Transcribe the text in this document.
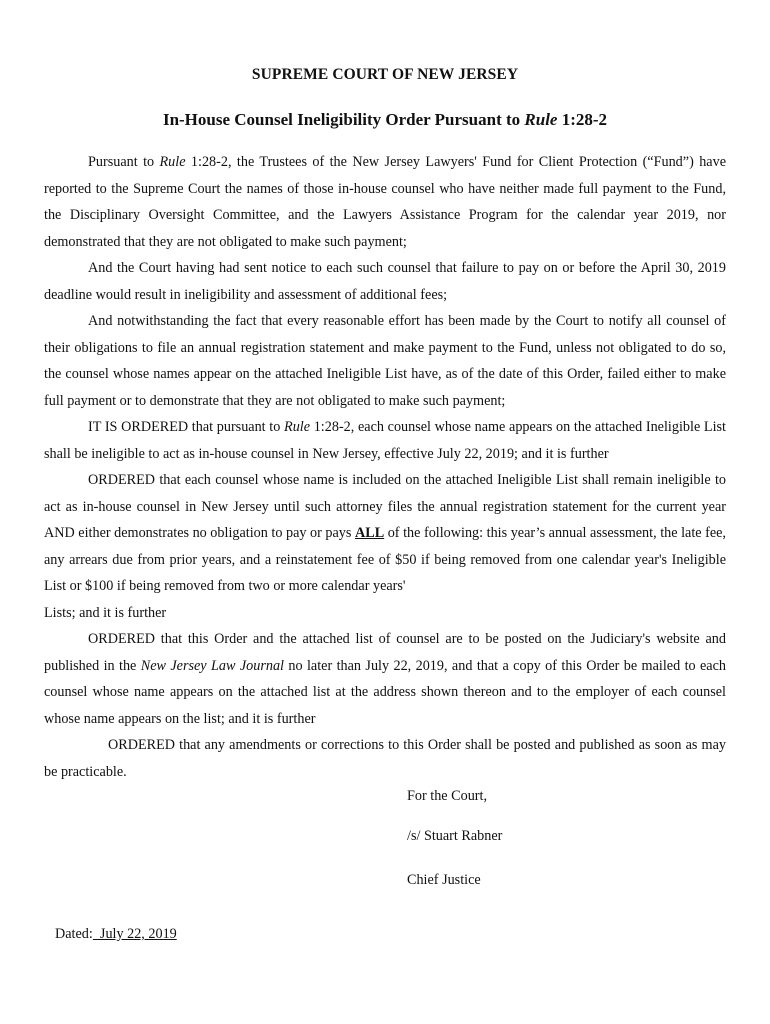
SUPREME COURT OF NEW JERSEY
In-House Counsel Ineligibility Order Pursuant to Rule 1:28-2

Pursuant to Rule 1:28-2, the Trustees of the New Jersey Lawyers' Fund for Client Protection (“Fund”) have reported to the Supreme Court the names of those in-house counsel who have neither made full payment to the Fund, the Disciplinary Oversight Committee, and the Lawyers Assistance Program for the calendar year 2019, nor demonstrated that they are not obligated to make such payment;

And the Court having had sent notice to each such counsel that failure to pay on or before the April 30, 2019 deadline would result in ineligibility and assessment of additional fees;

And notwithstanding the fact that every reasonable effort has been made by the Court to notify all counsel of their obligations to file an annual registration statement and make payment to the Fund, unless not obligated to do so, the counsel whose names appear on the attached Ineligible List have, as of the date of this Order, failed either to make full payment or to demonstrate that they are not obligated to make such payment;

IT IS ORDERED that pursuant to Rule 1:28-2, each counsel whose name appears on the attached Ineligible List shall be ineligible to act as in-house counsel in New Jersey, effective July 22, 2019; and it is further

ORDERED that each counsel whose name is included on the attached Ineligible List shall remain ineligible to act as in-house counsel in New Jersey until such attorney files the annual registration statement for the current year AND either demonstrates no obligation to pay or pays ALL of the following: this year’s annual assessment, the late fee, any arrears due from prior years, and a reinstatement fee of $50 if being removed from one calendar year's Ineligible List or $100 if being removed from two or more calendar years'
Lists; and it is further

ORDERED that this Order and the attached list of counsel are to be posted on the Judiciary's website and published in the New Jersey Law Journal no later than July 22, 2019, and that a copy of this Order be mailed to each counsel whose name appears on the attached list at the address shown thereon and to the employer of each counsel whose name appears on the list; and it is further

ORDERED that any amendments or corrections to this Order shall be posted and published as soon as may be practicable.

For the Court,
/s/ Stuart Rabner
Chief Justice
Dated:  July 22, 2019
